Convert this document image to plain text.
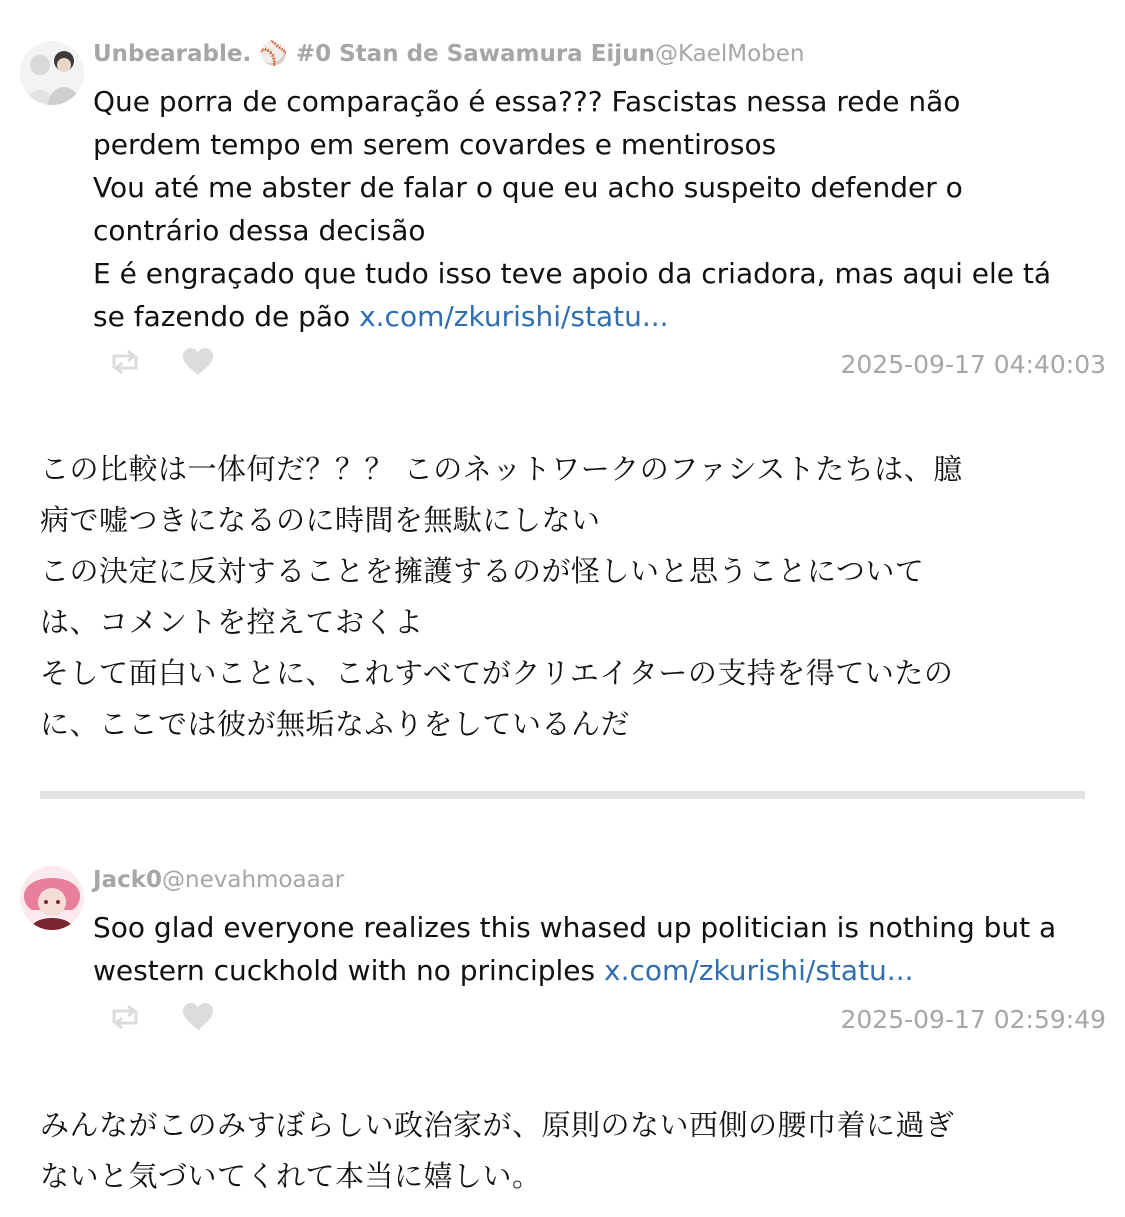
Unbearable. ⚾ #0 Stan de Sawamura Eijun@KaelMoben
Que porra de comparação é essa??? Fascistas nessa rede não
perdem tempo em serem covardes e mentirosos
Vou até me abster de falar o que eu acho suspeito defender o
contrário dessa decisão
E é engraçado que tudo isso teve apoio da criadora, mas aqui ele tá
se fazendo de pão x.com/zkurishi/statu...
2025-09-17 04:40:03
この比較は一体何だ？？？ このネットワークのファシストたちは、臆
病で嘘つきになるのに時間を無駄にしない
この決定に反対することを擁護するのが怪しいと思うことについて
は、コメントを控えておくよ
そして面白いことに、これすべてがクリエイターの支持を得ていたの
に、ここでは彼が無垢なふりをしているんだ
Jack0@nevahmoaaar
Soo glad everyone realizes this whased up politician is nothing but a
western cuckhold with no principles x.com/zkurishi/statu...
2025-09-17 02:59:49
みんながこのみすぼらしい政治家が、原則のない西側の腰巾着に過ぎ
ないと気づいてくれて本当に嬉しい。
